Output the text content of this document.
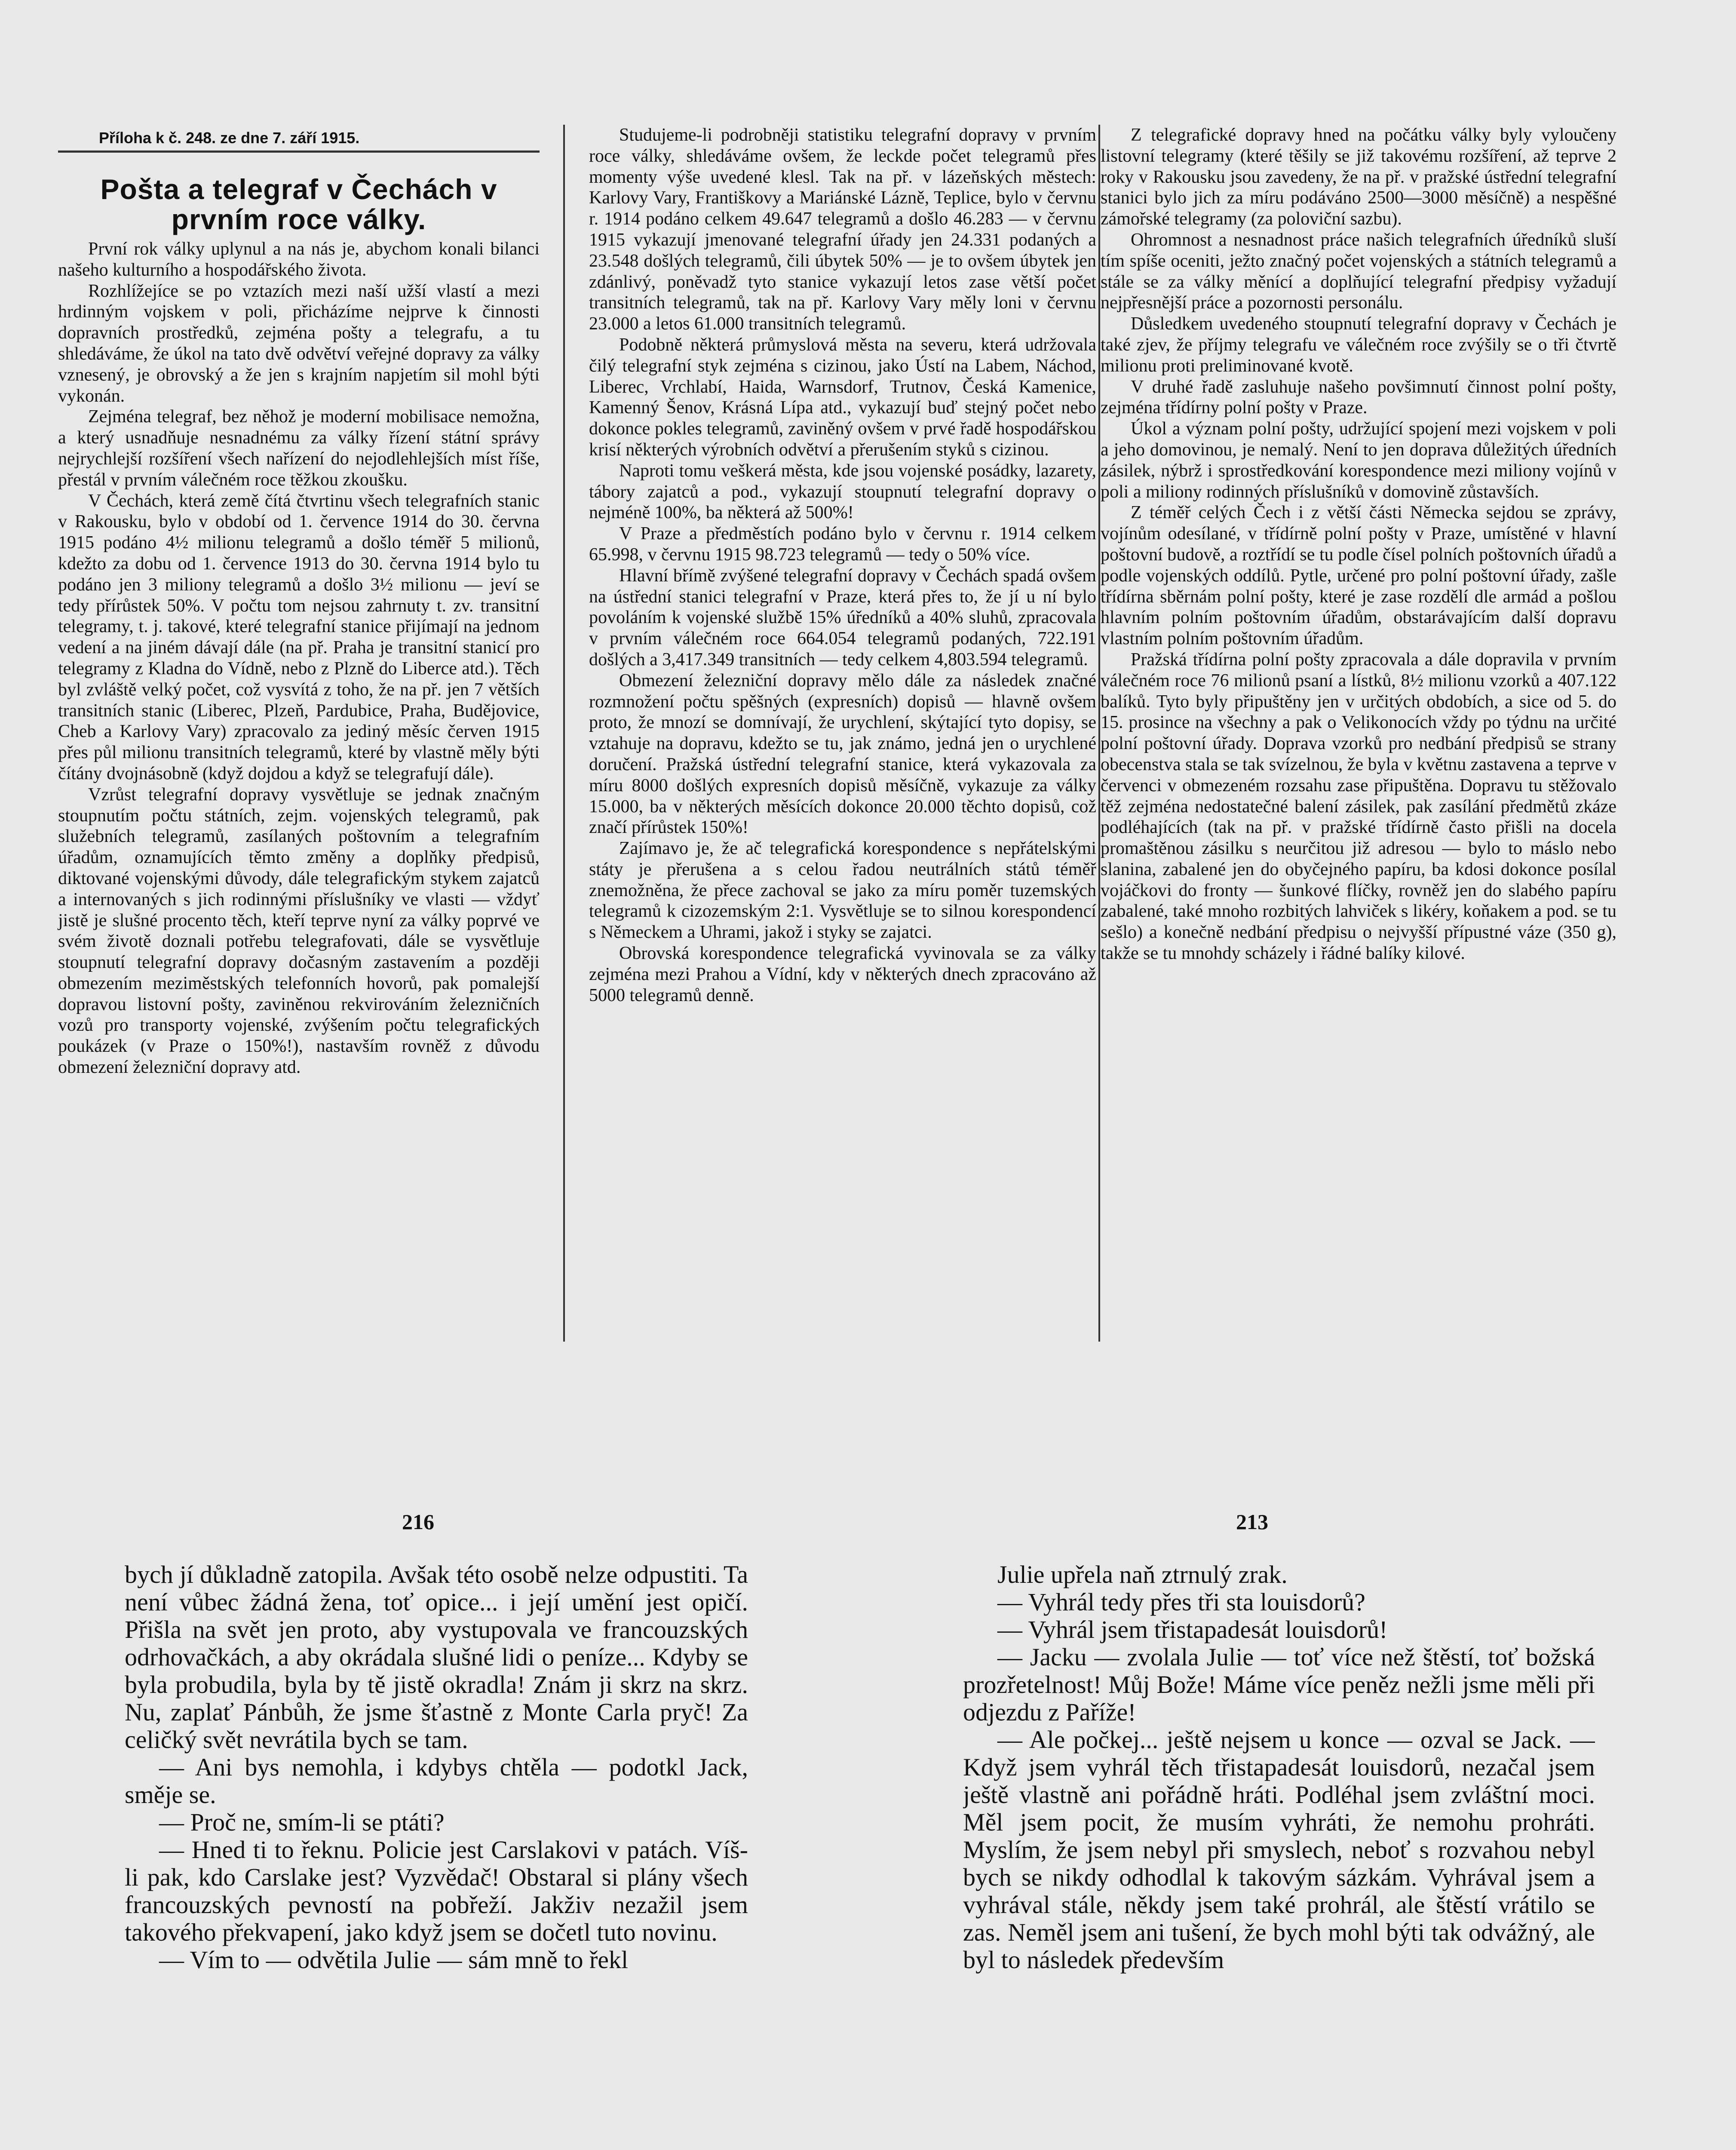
Příloha k č. 248. ze dne 7. září 1915.
Pošta a telegraf v Čechách v prvním roce války.

První rok války uplynul a na nás je, abychom konali bilanci našeho kulturního a hospodářského života.

Rozhlížejíce se po vztazích mezi naší užší vlastí a mezi hrdinným vojskem v poli, přicházíme nejprve k činnosti dopravních prostředků, zejména pošty a telegrafu, a tu shledáváme, že úkol na tato dvě odvětví veřejné dopravy za války vznesený, je obrovský a že jen s krajním napjetím sil mohl býti vykonán.

Zejména telegraf, bez něhož je moderní mobilisace nemožna, a který usnadňuje nesnadnému za války řízení státní správy nejrychlejší rozšíření všech nařízení do nejodlehlejších míst říše, přestál v prvním válečném roce těžkou zkoušku.

V Čechách, která země čítá čtvrtinu všech telegrafních stanic v Rakousku, bylo v období od 1. července 1914 do 30. června 1915 podáno 4½ milionu telegramů a došlo téměř 5 milionů, kdežto za dobu od 1. července 1913 do 30. června 1914 bylo tu podáno jen 3 miliony telegramů a došlo 3½ milionu — jeví se tedy přírůstek 50%. V počtu tom nejsou zahrnuty t. zv. transitní telegramy, t. j. takové, které telegrafní stanice přijímají na jednom vedení a na jiném dávají dále (na př. Praha je transitní stanicí pro telegramy z Kladna do Vídně, nebo z Plzně do Liberce atd.). Těch byl zvláště velký počet, což vysvítá z toho, že na př. jen 7 větších transitních stanic (Liberec, Plzeň, Pardubice, Praha, Budějovice, Cheb a Karlovy Vary) zpracovalo za jediný měsíc červen 1915 přes půl milionu transitních telegramů, které by vlastně měly býti čítány dvojnásobně (když dojdou a když se telegrafují dále).

Vzrůst telegrafní dopravy vysvětluje se jednak značným stoupnutím počtu státních, zejm. vojenských telegramů, pak služebních telegramů, zasílaných poštovním a telegrafním úřadům, oznamujících těmto změny a doplňky předpisů, diktované vojenskými důvody, dále telegrafickým stykem zajatců a internovaných s jich rodinnými příslušníky ve vlasti — vždyť jistě je slušné procento těch, kteří teprve nyní za války poprvé ve svém životě doznali potřebu telegrafovati, dále se vysvětluje stoupnutí telegrafní dopravy dočasným zastavením a později obmezením meziměstských telefonních hovorů, pak pomalejší dopravou listovní pošty, zaviněnou rekvirováním železničních vozů pro transporty vojenské, zvýšením počtu telegrafických poukázek (v Praze o 150%!), nastavším rovněž z důvodu obmezení železniční dopravy atd.

Studujeme-li podrobněji statistiku telegrafní dopravy v prvním roce války, shledáváme ovšem, že leckde počet telegramů přes momenty výše uvedené klesl. Tak na př. v lázeňských městech: Karlovy Vary, Františkovy a Mariánské Lázně, Teplice, bylo v červnu r. 1914 podáno celkem 49.647 telegramů a došlo 46.283 — v červnu 1915 vykazují jmenované telegrafní úřady jen 24.331 podaných a 23.548 došlých telegramů, čili úbytek 50% — je to ovšem úbytek jen zdánlivý, poněvadž tyto stanice vykazují letos zase větší počet transitních telegramů, tak na př. Karlovy Vary měly loni v červnu 23.000 a letos 61.000 transitních telegramů.

Podobně některá průmyslová města na severu, která udržovala čilý telegrafní styk zejména s cizinou, jako Ústí na Labem, Náchod, Liberec, Vrchlabí, Haida, Warnsdorf, Trutnov, Česká Kamenice, Kamenný Šenov, Krásná Lípa atd., vykazují buď stejný počet nebo dokonce pokles telegramů, zaviněný ovšem v prvé řadě hospodářskou krisí některých výrobních odvětví a přerušením styků s cizinou.

Naproti tomu veškerá města, kde jsou vojenské posádky, lazarety, tábory zajatců a pod., vykazují stoupnutí telegrafní dopravy o nejméně 100%, ba některá až 500%!

V Praze a předměstích podáno bylo v červnu r. 1914 celkem 65.998, v červnu 1915 98.723 telegramů — tedy o 50% více.

Hlavní břímě zvýšené telegrafní dopravy v Čechách spadá ovšem na ústřední stanici telegrafní v Praze, která přes to, že jí u ní bylo povoláním k vojenské službě 15% úředníků a 40% sluhů, zpracovala v prvním válečném roce 664.054 telegramů podaných, 722.191 došlých a 3,417.349 transitních — tedy celkem 4,803.594 telegramů.

Obmezení železniční dopravy mělo dále za následek značné rozmnožení počtu spěšných (expresních) dopisů — hlavně ovšem proto, že mnozí se domnívají, že urychlení, skýtající tyto dopisy, se vztahuje na dopravu, kdežto se tu, jak známo, jedná jen o urychlené doručení. Pražská ústřední telegrafní stanice, která vykazovala za míru 8000 došlých expresních dopisů měsíčně, vykazuje za války 15.000, ba v některých měsících dokonce 20.000 těchto dopisů, což značí přírůstek 150%!

Zajímavo je, že ač telegrafická korespondence s nepřátelskými státy je přerušena a s celou řadou neutrálních států téměř znemožněna, že přece zachoval se jako za míru poměr tuzemských telegramů k cizozemským 2:1. Vysvětluje se to silnou korespondencí s Německem a Uhrami, jakož i styky se zajatci.

Obrovská korespondence telegrafická vyvinovala se za války zejména mezi Prahou a Vídní, kdy v některých dnech zpracováno až 5000 telegramů denně.

Z telegrafické dopravy hned na počátku války byly vyloučeny listovní telegramy (které těšily se již takovému rozšíření, až teprve 2 roky v Rakousku jsou zavedeny, že na př. v pražské ústřední telegrafní stanici bylo jich za míru podáváno 2500—3000 měsíčně) a nespěšné zámořské telegramy (za poloviční sazbu).

Ohromnost a nesnadnost práce našich telegrafních úředníků sluší tím spíše oceniti, ježto značný počet vojenských a státních telegramů a stále se za války měnící a doplňující telegrafní předpisy vyžadují nejpřesnější práce a pozornosti personálu.

Důsledkem uvedeného stoupnutí telegrafní dopravy v Čechách je také zjev, že příjmy telegrafu ve válečném roce zvýšily se o tři čtvrtě milionu proti preliminované kvotě.

V druhé řadě zasluhuje našeho povšimnutí činnost polní pošty, zejména třídírny polní pošty v Praze.

Úkol a význam polní pošty, udržující spojení mezi vojskem v poli a jeho domovinou, je nemalý. Není to jen doprava důležitých úředních zásilek, nýbrž i sprostředkování korespondence mezi miliony vojínů v poli a miliony rodinných příslušníků v domovině zůstavších.

Z téměř celých Čech i z větší části Německa sejdou se zprávy, vojínům odesílané, v třídírně polní pošty v Praze, umístěné v hlavní poštovní budově, a roztřídí se tu podle čísel polních poštovních úřadů a podle vojenských oddílů. Pytle, určené pro polní poštovní úřady, zašle třídírna sběrnám polní pošty, které je zase rozdělí dle armád a pošlou hlavním polním poštovním úřadům, obstarávajícím další dopravu vlastním polním poštovním úřadům.

Pražská třídírna polní pošty zpracovala a dále dopravila v prvním válečném roce 76 milionů psaní a lístků, 8½ milionu vzorků a 407.122 balíků. Tyto byly připuštěny jen v určitých obdobích, a sice od 5. do 15. prosince na všechny a pak o Velikonocích vždy po týdnu na určité polní poštovní úřady. Doprava vzorků pro nedbání předpisů se strany obecenstva stala se tak svízelnou, že byla v květnu zastavena a teprve v červenci v obmezeném rozsahu zase připuštěna. Dopravu tu stěžovalo těž zejména nedostatečné balení zásilek, pak zasílání předmětů zkáze podléhajících (tak na př. v pražské třídírně často přišli na docela promaštěnou zásilku s neurčitou již adresou — bylo to máslo nebo slanina, zabalené jen do obyčejného papíru, ba kdosi dokonce posílal vojáčkovi do fronty — šunkové flíčky, rovněž jen do slabého papíru zabalené, také mnoho rozbitých lahviček s likéry, koňakem a pod. se tu sešlo) a konečně nedbání předpisu o nejvyšší přípustné váze (350 g), takže se tu mnohdy scházely i řádné balíky kilové.

216	213

bych jí důkladně zatopila. Avšak této osobě nelze odpustiti. Ta není vůbec žádná žena, toť opice... i její umění jest opičí. Přišla na svět jen proto, aby vystupovala ve francouzských odrhovačkách, a aby okrádala slušné lidi o peníze... Kdyby se byla probudila, byla by tě jistě okradla! Znám ji skrz na skrz. Nu, zaplať Pánbůh, že jsme šťastně z Monte Carla pryč! Za celičký svět nevrátila bych se tam.

— Ani bys nemohla, i kdybys chtěla — podotkl Jack, směje se.

— Proč ne, smím-li se ptáti?

— Hned ti to řeknu. Policie jest Carslakovi v patách. Víš-li pak, kdo Carslake jest? Vyzvědač! Obstaral si plány všech francouzských pevností na pobřeží. Jakživ nezažil jsem takového překvapení, jako když jsem se dočetl tuto novinu.

— Vím to — odvětila Julie — sám mně to řekl

Julie upřela naň ztrnulý zrak.

— Vyhrál tedy přes tři sta louisdorů?

— Vyhrál jsem třistapadesát louisdorů!

— Jacku — zvolala Julie — toť více než štěstí, toť božská prozřetelnost! Můj Bože! Máme více peněz nežli jsme měli při odjezdu z Paříže!

— Ale počkej... ještě nejsem u konce — ozval se Jack. — Když jsem vyhrál těch třistapadesát louisdorů, nezačal jsem ještě vlastně ani pořádně hráti. Podléhal jsem zvláštní moci. Měl jsem pocit, že musím vyhráti, že nemohu prohráti. Myslím, že jsem nebyl při smyslech, neboť s rozvahou nebyl bych se nikdy odhodlal k takovým sázkám. Vyhrával jsem a vyhrával stále, někdy jsem také prohrál, ale štěstí vrátilo se zas. Neměl jsem ani tušení, že bych mohl býti tak odvážný, ale byl to následek především
